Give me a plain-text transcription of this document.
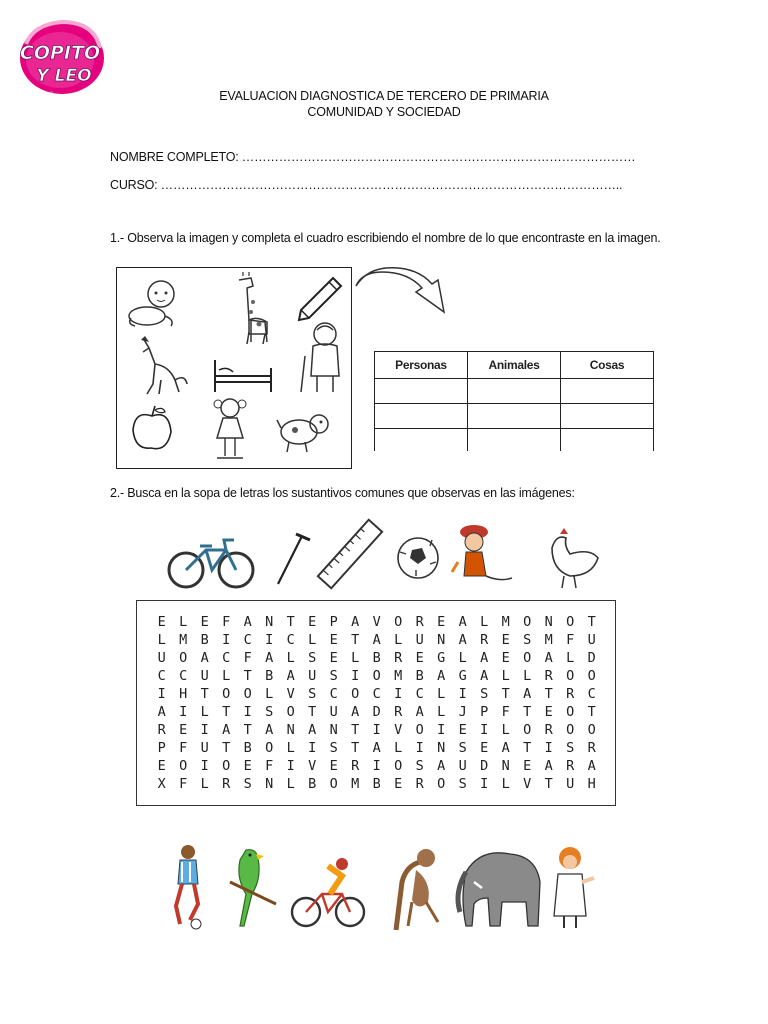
COPITO
Y LEO
infantil	EVALUACION DIAGNOSTICA DE TERCERO DE PRIMARIA
COMUNIDAD Y SOCIEDAD
NOMBRE COMPLETO: ……………………………………………………………………………………
CURSO: …………………………………………………………………………………………………..
1.- Observa la imagen y completa el cuadro escribiendo el nombre de lo que encontraste en la imagen.
Personas	Animales	Cosas

2.- Busca en la sopa de letras los sustantivos comunes que observas en las imágenes:
E L E F A N T E P A V O R E A L M O N O T
L M B I C I C L E T A L U N A R E S M F U
U O A C F A L S E L B R E G L A E O A L D
C C U L T B A U S I O M B A G A L L R O O
I H T O O L V S C O C I C L I S T A T R C
A I L T I S O T U A D R A L J P F T E O T
R E I A T A N A N T I V O I E I L O R O O
P F U T B O L I S T A L I N S E A T I S R
E O I O E F I V E R I O S A U D N E A R A
X F L R S N L B O M B E R O S I L V T U H
